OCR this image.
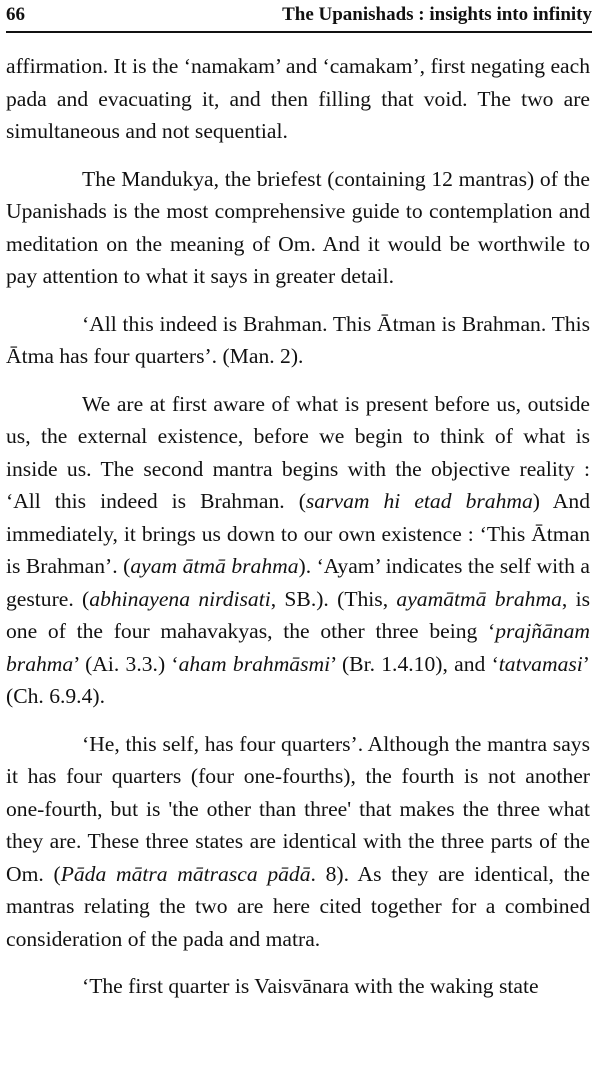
66	The Upanishads : insights into infinity

affirmation. It is the ‘namakam’ and ‘camakam’, first negating each pada and evacuating it, and then filling that void. The two are simultaneous and not sequential.

The Mandukya, the briefest (containing 12 mantras) of the Upanishads is the most comprehensive guide to contemplation and meditation on the meaning of Om. And it would be worthwile to pay attention to what it says in greater detail.

‘All this indeed is Brahman. This Ātman is Brahman. This Ātma has four quarters’. (Man. 2).

We are at first aware of what is present before us, outside us, the external existence, before we begin to think of what is inside us. The second mantra begins with the objective reality : ‘All this indeed is Brahman. (sarvam hi etad brahma) And immediately, it brings us down to our own existence : ‘This Ātman is Brahman’. (ayam ātmā brahma). ‘Ayam’ indicates the self with a gesture. (abhinayena nirdisati, SB.). (This, ayamātmā brahma, is one of the four mahavakyas, the other three being ‘prajñānam brahma’ (Ai. 3.3.) ‘aham brahmāsmi’ (Br. 1.4.10), and ‘tatvamasi’ (Ch. 6.9.4).

‘He, this self, has four quarters’. Although the mantra says it has four quarters (four one-fourths), the fourth is not another one-fourth, but is 'the other than three' that makes the three what they are. These three states are identical with the three parts of the Om. (Pāda mātra mātrasca pādā. 8). As they are identical, the mantras relating the two are here cited together for a combined consideration of the pada and matra.

‘The first quarter is Vaisvānara with the waking state
